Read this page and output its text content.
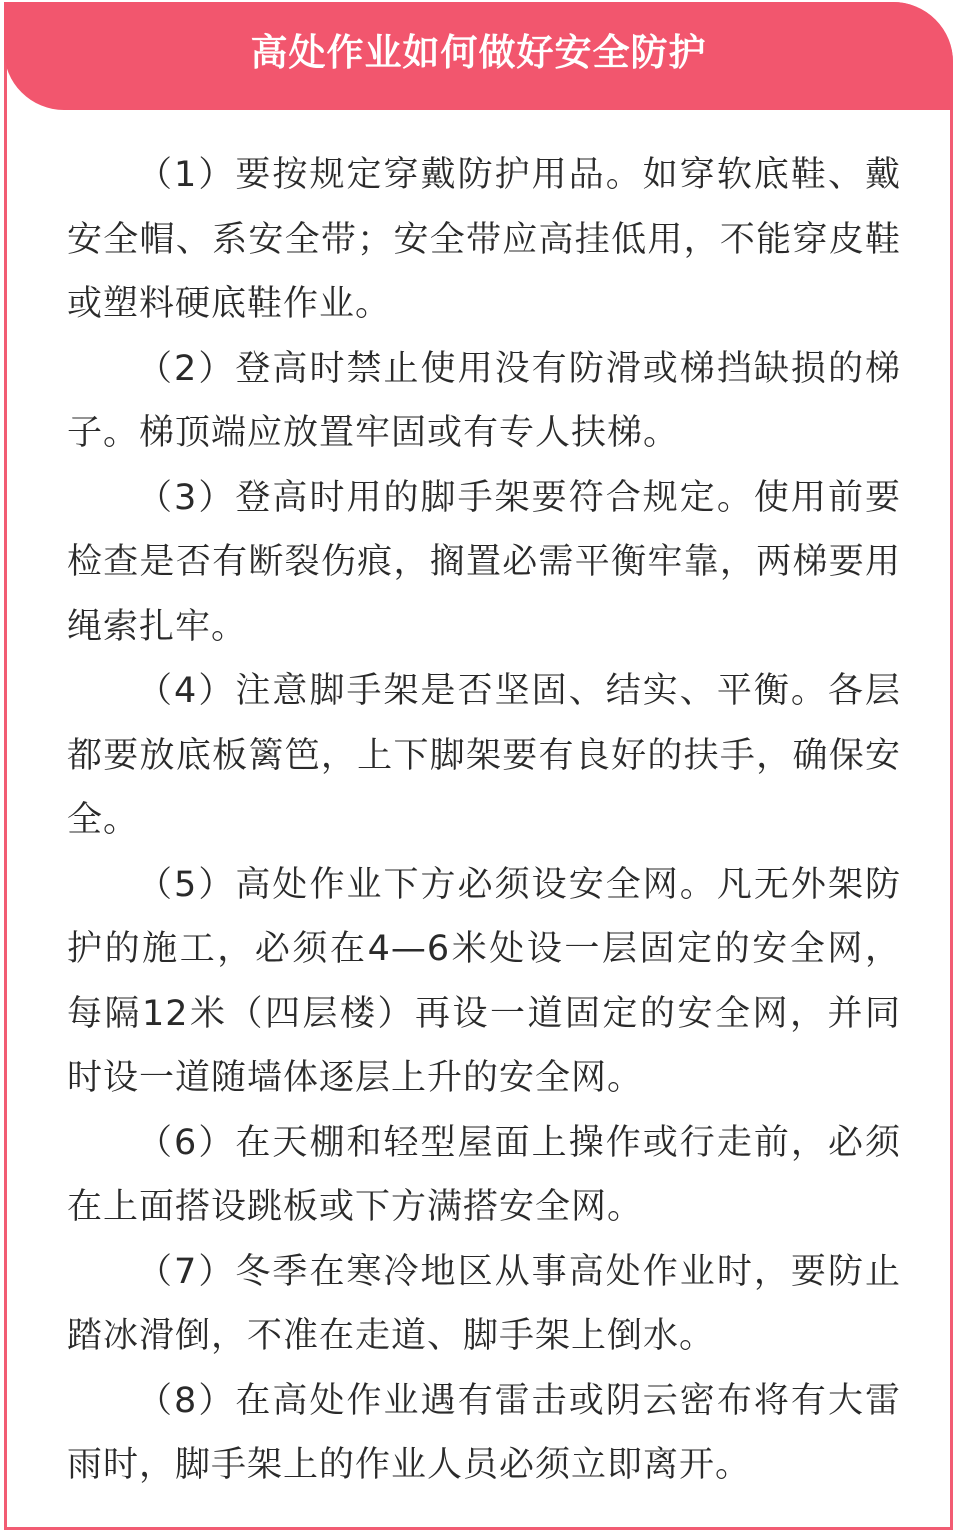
高处作业如何做好安全防护

（1）要按规定穿戴防护用品。如穿软底鞋、戴安全帽、系安全带；安全带应高挂低用，不能穿皮鞋或塑料硬底鞋作业。

（2）登高时禁止使用没有防滑或梯挡缺损的梯子。梯顶端应放置牢固或有专人扶梯。

（3）登高时用的脚手架要符合规定。使用前要检查是否有断裂伤痕，搁置必需平衡牢靠，两梯要用绳索扎牢。

（4）注意脚手架是否坚固、结实、平衡。各层都要放底板篱笆，上下脚架要有良好的扶手，确保安全。

（5）高处作业下方必须设安全网。凡无外架防护的施工，必须在4—6米处设一层固定的安全网，每隔12米（四层楼）再设一道固定的安全网，并同时设一道随墙体逐层上升的安全网。

（6）在天棚和轻型屋面上操作或行走前，必须在上面搭设跳板或下方满搭安全网。

（7）冬季在寒冷地区从事高处作业时，要防止踏冰滑倒，不准在走道、脚手架上倒水。

（8）在高处作业遇有雷击或阴云密布将有大雷雨时，脚手架上的作业人员必须立即离开。
